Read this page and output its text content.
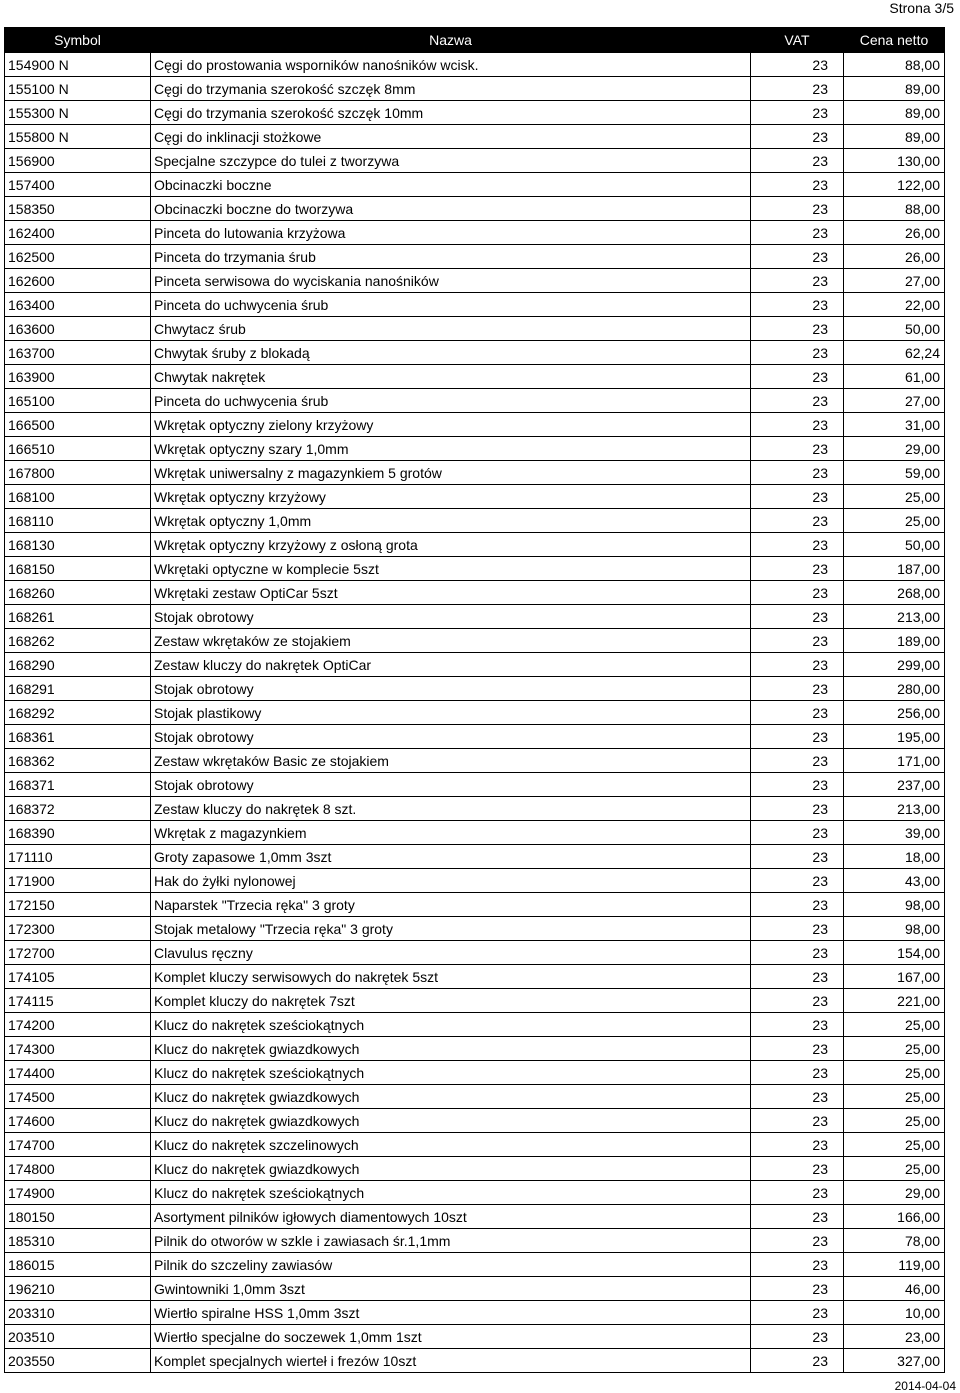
Strona 3/5
Symbol	Nazwa	VAT	Cena netto
154900 N	Cęgi do prostowania wsporników nanośników wcisk.	23	88,00
155100 N	Cęgi do trzymania szerokość szczęk 8mm	23	89,00
155300 N	Cęgi do trzymania szerokość szczęk 10mm	23	89,00
155800 N	Cęgi do inklinacji stożkowe	23	89,00
156900	Specjalne szczypce do tulei z tworzywa	23	130,00
157400	Obcinaczki boczne	23	122,00
158350	Obcinaczki boczne do tworzywa	23	88,00
162400	Pinceta do lutowania krzyżowa	23	26,00
162500	Pinceta do trzymania śrub	23	26,00
162600	Pinceta serwisowa do wyciskania nanośników	23	27,00
163400	Pinceta do uchwycenia śrub	23	22,00
163600	Chwytacz śrub	23	50,00
163700	Chwytak śruby z blokadą	23	62,24
163900	Chwytak nakrętek	23	61,00
165100	Pinceta do uchwycenia śrub	23	27,00
166500	Wkrętak optyczny zielony krzyżowy	23	31,00
166510	Wkrętak optyczny szary 1,0mm	23	29,00
167800	Wkrętak uniwersalny z magazynkiem 5 grotów	23	59,00
168100	Wkrętak optyczny krzyżowy	23	25,00
168110	Wkrętak optyczny 1,0mm	23	25,00
168130	Wkrętak optyczny krzyżowy z osłoną grota	23	50,00
168150	Wkrętaki optyczne w komplecie 5szt	23	187,00
168260	Wkrętaki zestaw OptiCar 5szt	23	268,00
168261	Stojak obrotowy	23	213,00
168262	Zestaw wkrętaków ze stojakiem	23	189,00
168290	Zestaw kluczy do nakrętek OptiCar	23	299,00
168291	Stojak obrotowy	23	280,00
168292	Stojak plastikowy	23	256,00
168361	Stojak obrotowy	23	195,00
168362	Zestaw wkrętaków Basic ze stojakiem	23	171,00
168371	Stojak obrotowy	23	237,00
168372	Zestaw kluczy do nakrętek 8 szt.	23	213,00
168390	Wkrętak z magazynkiem	23	39,00
171110	Groty zapasowe 1,0mm 3szt	23	18,00
171900	Hak do żyłki nylonowej	23	43,00
172150	Naparstek "Trzecia ręka" 3 groty	23	98,00
172300	Stojak metalowy "Trzecia ręka" 3 groty	23	98,00
172700	Clavulus ręczny	23	154,00
174105	Komplet kluczy serwisowych do nakrętek 5szt	23	167,00
174115	Komplet kluczy do nakrętek 7szt	23	221,00
174200	Klucz do nakrętek sześciokątnych	23	25,00
174300	Klucz do nakrętek gwiazdkowych	23	25,00
174400	Klucz do nakrętek sześciokątnych	23	25,00
174500	Klucz do nakrętek gwiazdkowych	23	25,00
174600	Klucz do nakrętek gwiazdkowych	23	25,00
174700	Klucz do nakrętek szczelinowych	23	25,00
174800	Klucz do nakrętek gwiazdkowych	23	25,00
174900	Klucz do nakrętek sześciokątnych	23	29,00
180150	Asortyment pilników igłowych diamentowych 10szt	23	166,00
185310	Pilnik do otworów w szkle i zawiasach śr.1,1mm	23	78,00
186015	Pilnik do szczeliny zawiasów	23	119,00
196210	Gwintowniki 1,0mm 3szt	23	46,00
203310	Wiertło spiralne HSS 1,0mm 3szt	23	10,00
203510	Wiertło specjalne do soczewek 1,0mm 1szt	23	23,00
203550	Komplet specjalnych wierteł i frezów 10szt	23	327,00
2014-04-04
